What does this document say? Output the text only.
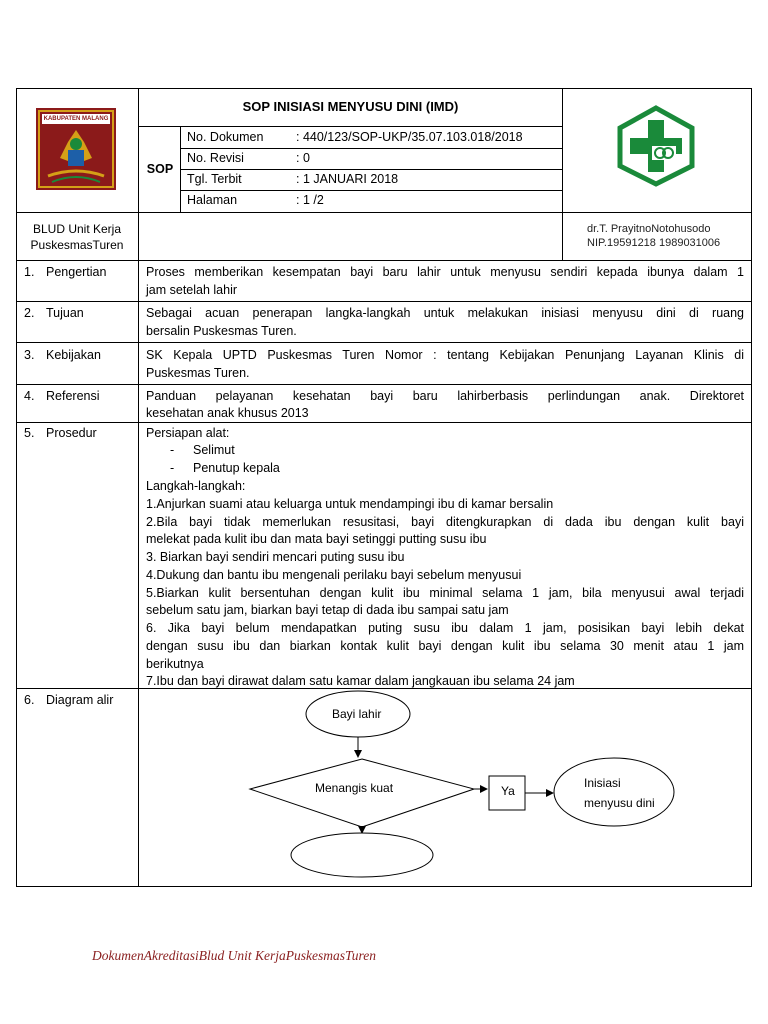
KABUPATEN MALANG
SOP INISIASI MENYUSU DINI (IMD)
SOP
No. Dokumen	: 440/123/SOP-UKP/35.07.103.018/2018
No. Revisi	: 0
Tgl. Terbit	: 1 JANUARI 2018
Halaman	: 1 /2
BLUD Unit Kerja
PuskesmasTuren
dr.T. PrayitnoNotohusodo
NIP.19591218 1989031006
1. Pengertian	Proses memberikan kesempatan bayi baru lahir untuk menyusu sendiri kepada ibunya dalam 1
jam setelah lahir
2. Tujuan	Sebagai acuan penerapan langka-langkah untuk melakukan inisiasi menyusu dini di ruang
bersalin Puskesmas Turen.
3. Kebijakan	SK Kepala UPTD Puskesmas Turen Nomor : tentang Kebijakan Penunjang Layanan Klinis di
Puskesmas Turen.
4. Referensi	Panduan pelayanan kesehatan bayi baru lahirberbasis perlindungan anak. Direktoret
kesehatan anak khusus 2013
5. Prosedur	Persiapan alat:
- Selimut
- Penutup kepala
Langkah-langkah:
1.Anjurkan suami atau keluarga untuk mendampingi ibu di kamar bersalin
2.Bila bayi tidak memerlukan resusitasi, bayi ditengkurapkan di dada ibu dengan kulit bayi
melekat pada kulit ibu dan mata bayi setinggi putting susu ibu
3. Biarkan bayi sendiri mencari puting susu ibu
4.Dukung dan bantu ibu mengenali perilaku bayi sebelum menyusui
5.Biarkan kulit bersentuhan dengan kulit ibu minimal selama 1 jam, bila menyusui awal terjadi
sebelum satu jam, biarkan bayi tetap di dada ibu sampai satu jam
6. Jika bayi belum mendapatkan puting susu ibu dalam 1 jam, posisikan bayi lebih dekat
dengan susu ibu dan biarkan kontak kulit bayi dengan kulit ibu selama 30 menit atau 1 jam
berikutnya
7.Ibu dan bayi dirawat dalam satu kamar dalam jangkauan ibu selama 24 jam
6. Diagram alir
Bayi lahir
Menangis kuat	Ya
Inisiasi
menyusu dini
DokumenAkreditasiBlud Unit KerjaPuskesmasTuren
